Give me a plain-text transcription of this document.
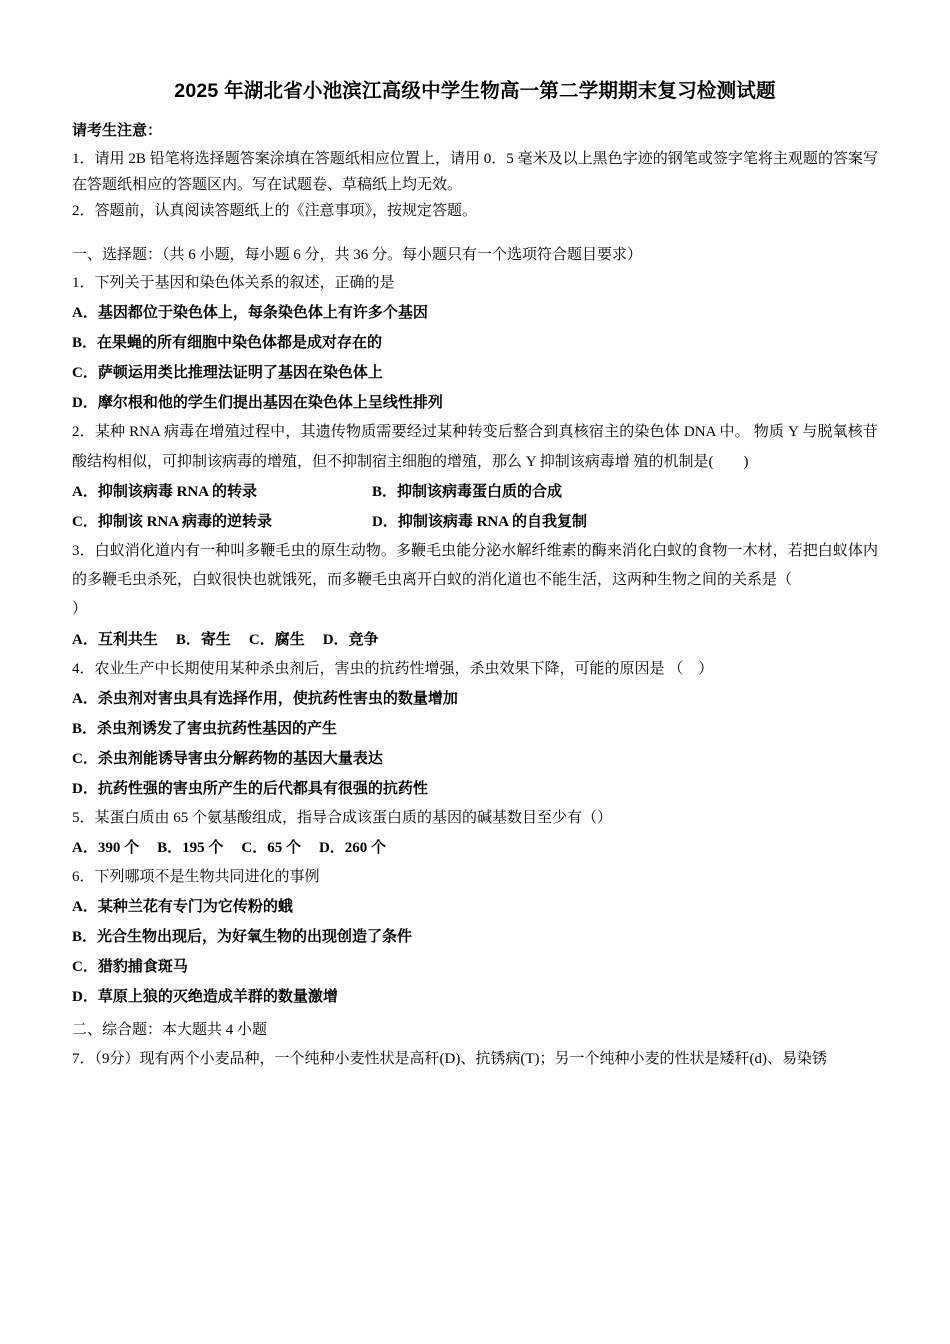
2025 年湖北省小池滨江高级中学生物高一第二学期期末复习检测试题
请考生注意：

1．请用 2B 铅笔将选择题答案涂填在答题纸相应位置上，请用 0．5 毫米及以上黑色字迹的钢笔或签字笔将主观题的答案写在答题纸相应的答题区内。写在试题卷、草稿纸上均无效。

2．答题前，认真阅读答题纸上的《注意事项》，按规定答题。

一、选择题：（共 6 小题，每小题 6 分，共 36 分。每小题只有一个选项符合题目要求）

1．下列关于基因和染色体关系的叙述，正确的是

A．基因都位于染色体上，每条染色体上有许多个基因

B．在果蝇的所有细胞中染色体都是成对存在的

C．萨顿运用类比推理法证明了基因在染色体上

D．摩尔根和他的学生们提出基因在染色体上呈线性排列

2．某种 RNA 病毒在增殖过程中，其遗传物质需要经过某种转变后整合到真核宿主的染色体 DNA 中。 物质 Y 与脱氧核苷酸结构相似，可抑制该病毒的增殖，但不抑制宿主细胞的增殖，那么 Y 抑制该病毒增 殖的机制是(　　)

A．抑制该病毒 RNA 的转录	B．抑制该病毒蛋白质的合成
C．抑制该 RNA 病毒的逆转录	D．抑制该病毒 RNA 的自我复制

3．白蚁消化道内有一种叫多鞭毛虫的原生动物。多鞭毛虫能分泌水解纤维素的酶来消化白蚁的食物一木材，若把白蚁体内的多鞭毛虫杀死，白蚁很快也就饿死，而多鞭毛虫离开白蚁的消化道也不能生活，这两种生物之间的关系是（

）

A．互利共生 B．寄生 C．腐生 D．竞争

4．农业生产中长期使用某种杀虫剂后，害虫的抗药性增强，杀虫效果下降，可能的原因是 （　）

A．杀虫剂对害虫具有选择作用，使抗药性害虫的数量增加

B．杀虫剂诱发了害虫抗药性基因的产生

C．杀虫剂能诱导害虫分解药物的基因大量表达

D．抗药性强的害虫所产生的后代都具有很强的抗药性

5．某蛋白质由 65 个氨基酸组成，指导合成该蛋白质的基因的碱基数目至少有（）

A．390 个 B．195 个 C．65 个 D．260 个

6．下列哪项不是生物共同进化的事例

A．某种兰花有专门为它传粉的蛾

B．光合生物出现后，为好氧生物的出现创造了条件

C．猎豹捕食斑马

D．草原上狼的灭绝造成羊群的数量激增

二、综合题：本大题共 4 小题

7．（9分）现有两个小麦品种，一个纯种小麦性状是高秆(D)、抗锈病(T)；另一个纯种小麦的性状是矮秆(d)、易染锈
